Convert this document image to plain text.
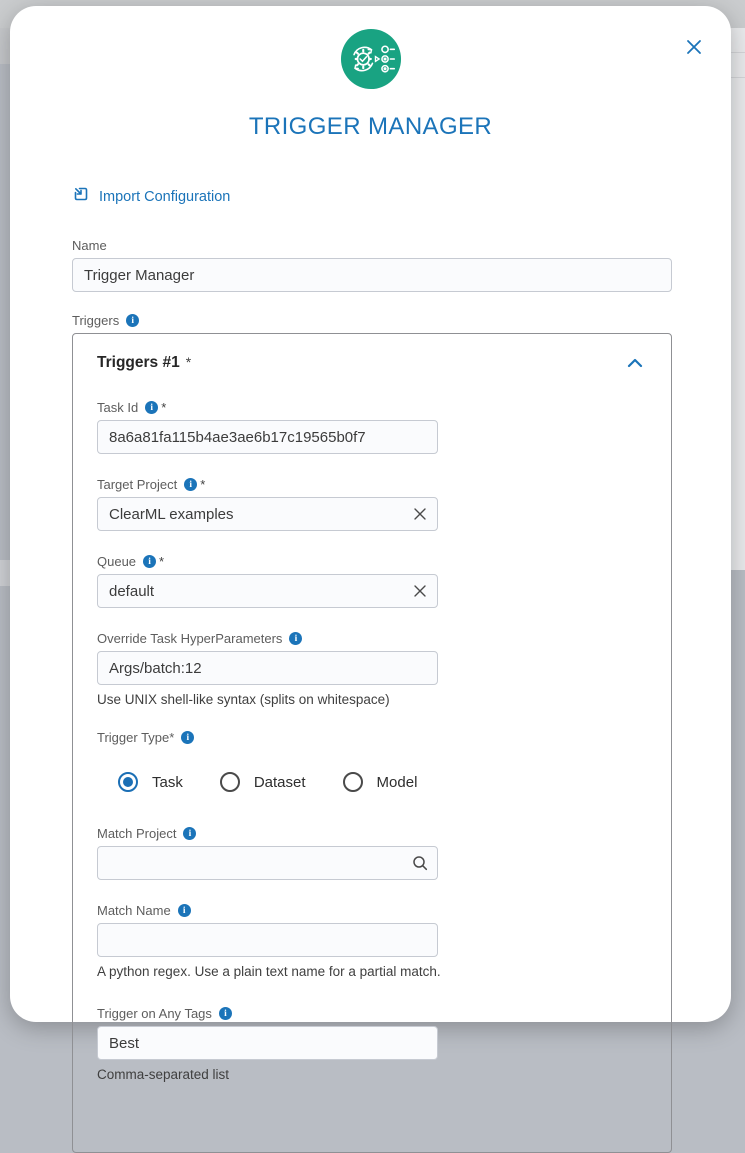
TRIGGER MANAGER
Import Configuration
Name
Trigger Manager
Triggers	i
Triggers #1 *
Task Id	i *
8a6a81fa115b4ae3ae6b17c19565b0f7
Target Project	i *
ClearML examples
Queue	i *
default
Override Task HyperParameters	i
Args/batch:12
Use UNIX shell-like syntax (splits on whitespace)
Trigger Type*	i
Task	Dataset	Model
Match Project	i
Match Name	i
A python regex. Use a plain text name for a partial match.
Trigger on Any Tags	i
Best
Comma-separated list
